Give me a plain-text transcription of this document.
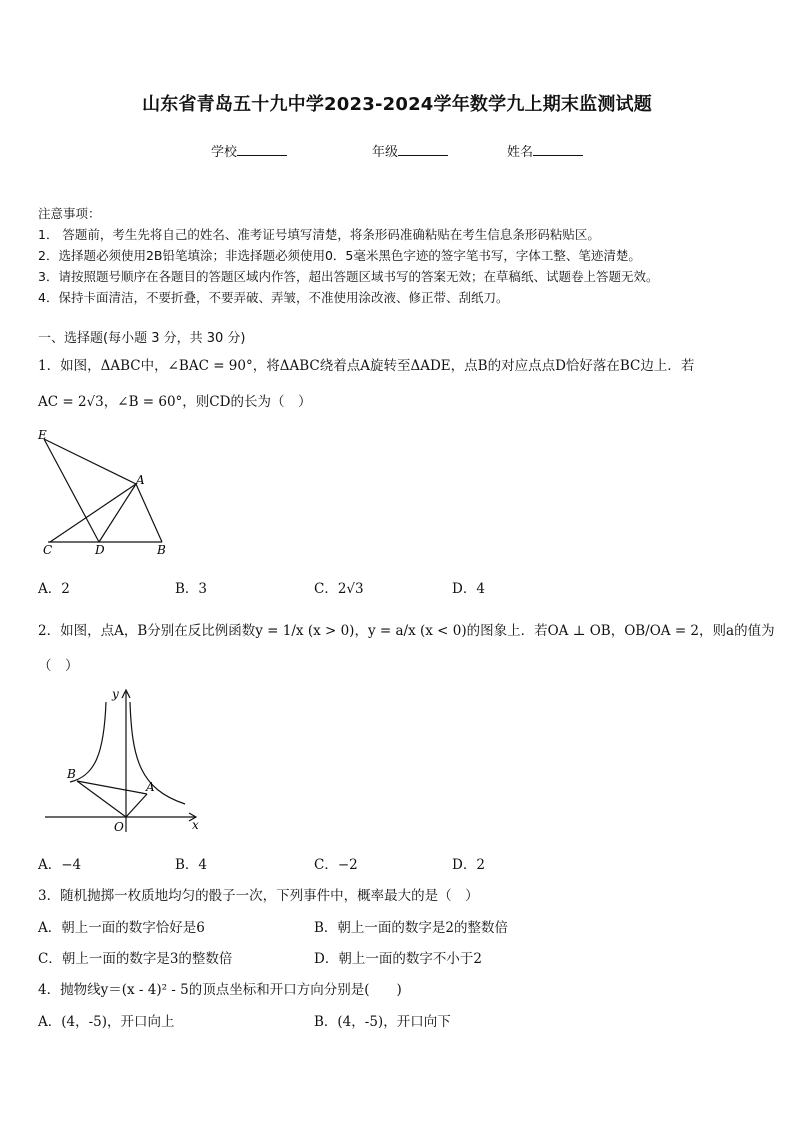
山东省青岛五十九中学2023-2024学年数学九上期末监测试题
学校	年级	姓名
注意事项：
1． 答题前，考生先将自己的姓名、准考证号填写清楚，将条形码准确粘贴在考生信息条形码粘贴区。
2．选择题必须使用2B铅笔填涂；非选择题必须使用0．5毫米黑色字迹的签字笔书写，字体工整、笔迹清楚。
3．请按照题号顺序在各题目的答题区域内作答，超出答题区域书写的答案无效；在草稿纸、试题卷上答题无效。
4．保持卡面清洁，不要折叠，不要弄破、弄皱，不准使用涂改液、修正带、刮纸刀。
一、选择题(每小题 3 分，共 30 分)
1．如图，ΔABC中，∠BAC = 90°，将ΔABC绕着点A旋转至ΔADE，点B的对应点点D恰好落在BC边上．若
AC = 2√3，∠B = 60°，则CD的长为（　）
E
A
C	D	B
A．2	B．3	C．2√3	D．4
2．如图，点A，B分别在反比例函数y = 1/x (x > 0)，y = a/x (x < 0)的图象上．若OA ⊥ OB，OB/OA = 2，则a的值为
（　）
y
B
A
O	x
A．−4	B．4	C．−2	D．2
3．随机抛掷一枚质地均匀的骰子一次，下列事件中，概率最大的是（　）
A．朝上一面的数字恰好是6	B．朝上一面的数字是2的整数倍
C．朝上一面的数字是3的整数倍	D．朝上一面的数字不小于2
4．抛物线y＝(x - 4)² - 5的顶点坐标和开口方向分别是(　　)
A．(4，-5)，开口向上	B．(4，-5)，开口向下
